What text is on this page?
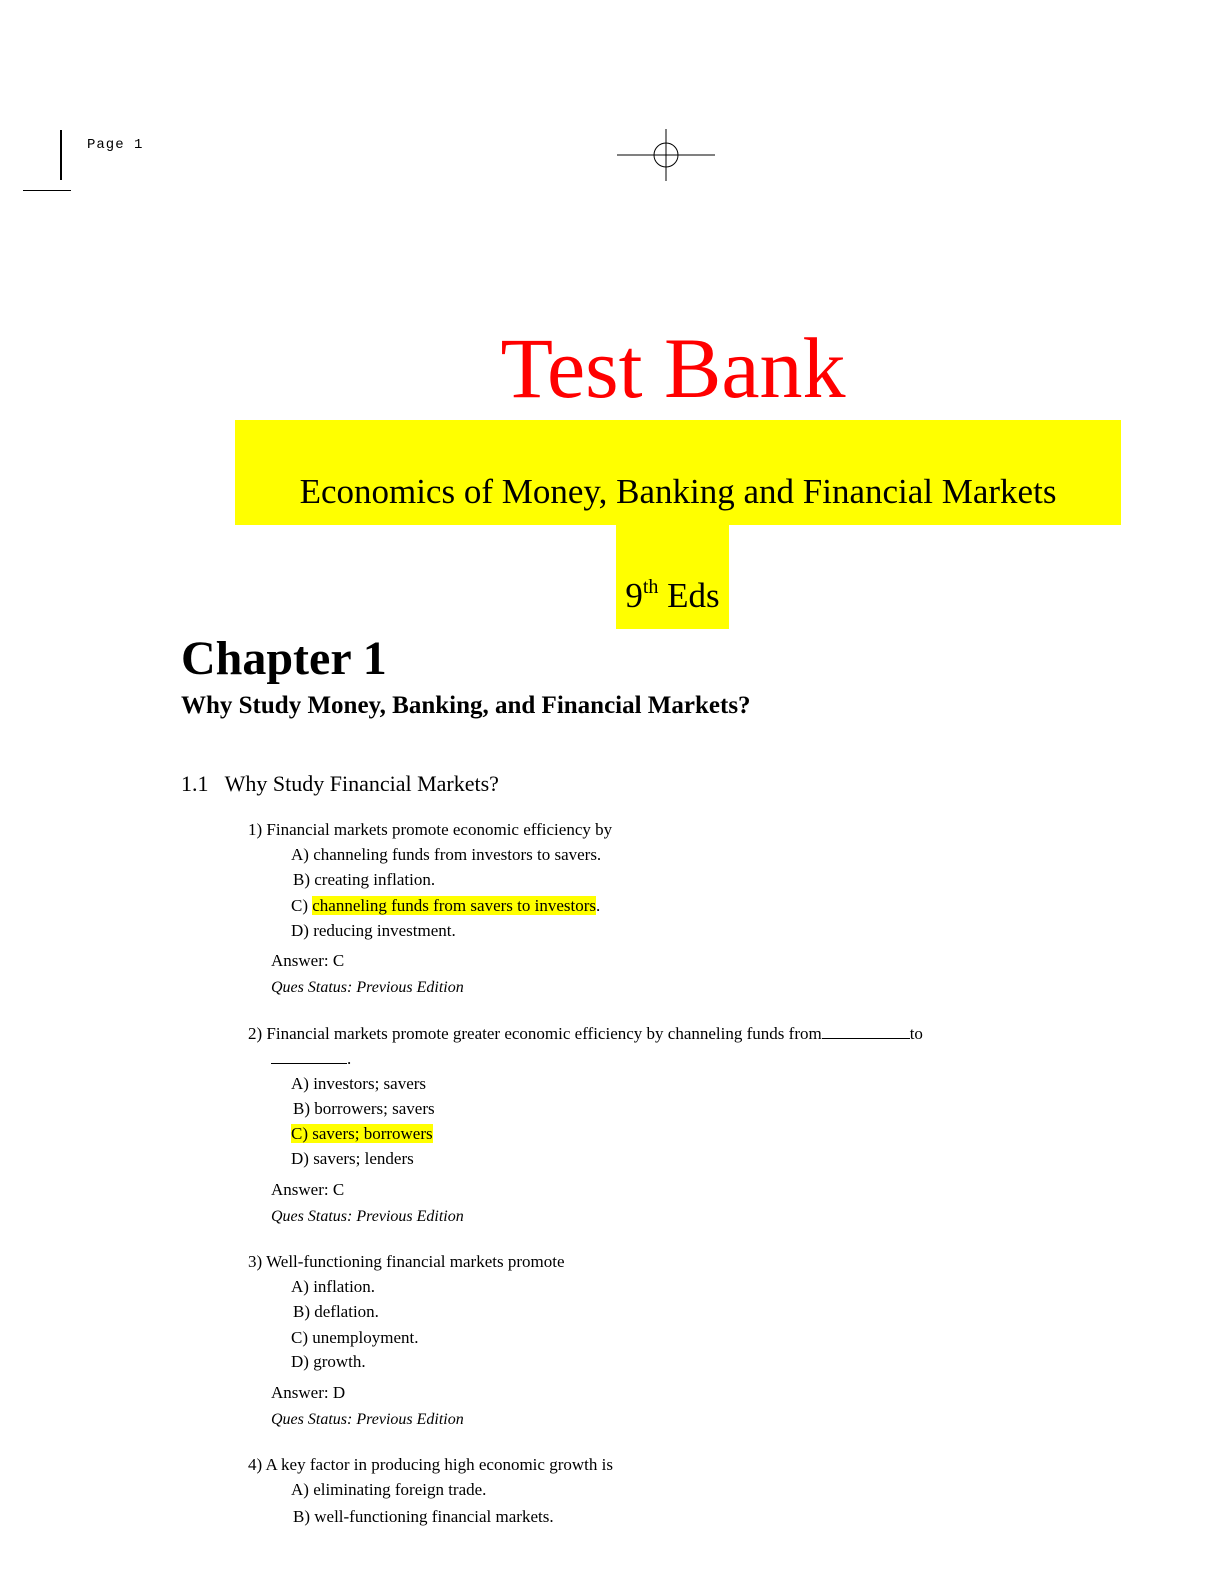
Page 1
Test Bank
Economics of Money, Banking and Financial Markets
9th Eds
Chapter 1
Why Study Money, Banking, and Financial Markets?
1.1   Why Study Financial Markets?
1) Financial markets promote economic efficiency by
A) channeling funds from investors to savers.
B) creating inflation.
C) channeling funds from savers to investors.
D) reducing investment.
Answer: C
Ques Status: Previous Edition
2) Financial markets promote greater economic efficiency by channeling funds from	to
.
A) investors; savers
B) borrowers; savers
C) savers; borrowers
D) savers; lenders
Answer: C
Ques Status: Previous Edition
3) Well-functioning financial markets promote
A) inflation.
B) deflation.
C) unemployment.
D) growth.
Answer: D
Ques Status: Previous Edition
4) A key factor in producing high economic growth is
A) eliminating foreign trade.
B) well-functioning financial markets.
